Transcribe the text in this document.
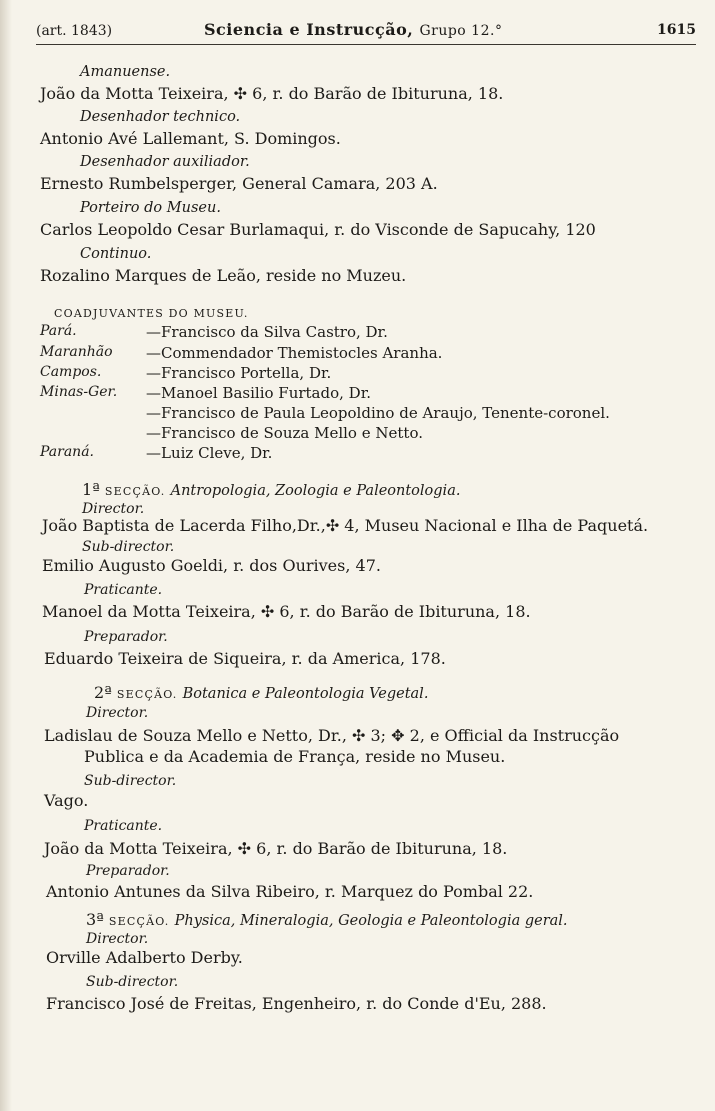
(art. 1843)	Sciencia e Instrucção, Grupo 12.°	1615
Amanuense.
João da Motta Teixeira, ✣ 6, r. do Barão de Ibituruna, 18.
Desenhador technico.
Antonio Avé Lallemant, S. Domingos.
Desenhador auxiliador.
Ernesto Rumbelsperger, General Camara, 203 A.
Porteiro do Museu.
Carlos Leopoldo Cesar Burlamaqui, r. do Visconde de Sapucahy, 120
Continuo.
Rozalino Marques de Leão, reside no Muzeu.
COADJUVANTES DO MUSEU.
Pará.	—Francisco da Silva Castro, Dr.
Maranhão —Commendador Themistocles Aranha.
Campos.	—Francisco Portella, Dr.
Minas-Ger. —Manoel Basilio Furtado, Dr.
—Francisco de Paula Leopoldino de Araujo, Tenente-coronel.
—Francisco de Souza Mello e Netto.
Paraná.	—Luiz Cleve, Dr.
1ª SECÇÃO. Antropologia, Zoologia e Paleontologia.
Director.
João Baptista de Lacerda Filho,Dr.,✣ 4, Museu Nacional e Ilha de Paquetá.
Sub-director.
Emilio Augusto Goeldi, r. dos Ourives, 47.
Praticante.
Manoel da Motta Teixeira, ✣ 6, r. do Barão de Ibituruna, 18.
Preparador.
Eduardo Teixeira de Siqueira, r. da America, 178.
2ª SECÇÃO. Botanica e Paleontologia Vegetal.
Director.
Ladislau de Souza Mello e Netto, Dr., ✣ 3; ✥ 2, e Official da Instrucção
Publica e da Academia de França, reside no Museu.
Sub-director.
Vago.
Praticante.
João da Motta Teixeira, ✣ 6, r. do Barão de Ibituruna, 18.
Preparador.
Antonio Antunes da Silva Ribeiro, r. Marquez do Pombal 22.
3ª SECÇÃO. Physica, Mineralogia, Geologia e Paleontologia geral.
Director.
Orville Adalberto Derby.
Sub-director.
Francisco José de Freitas, Engenheiro, r. do Conde d'Eu, 288.
